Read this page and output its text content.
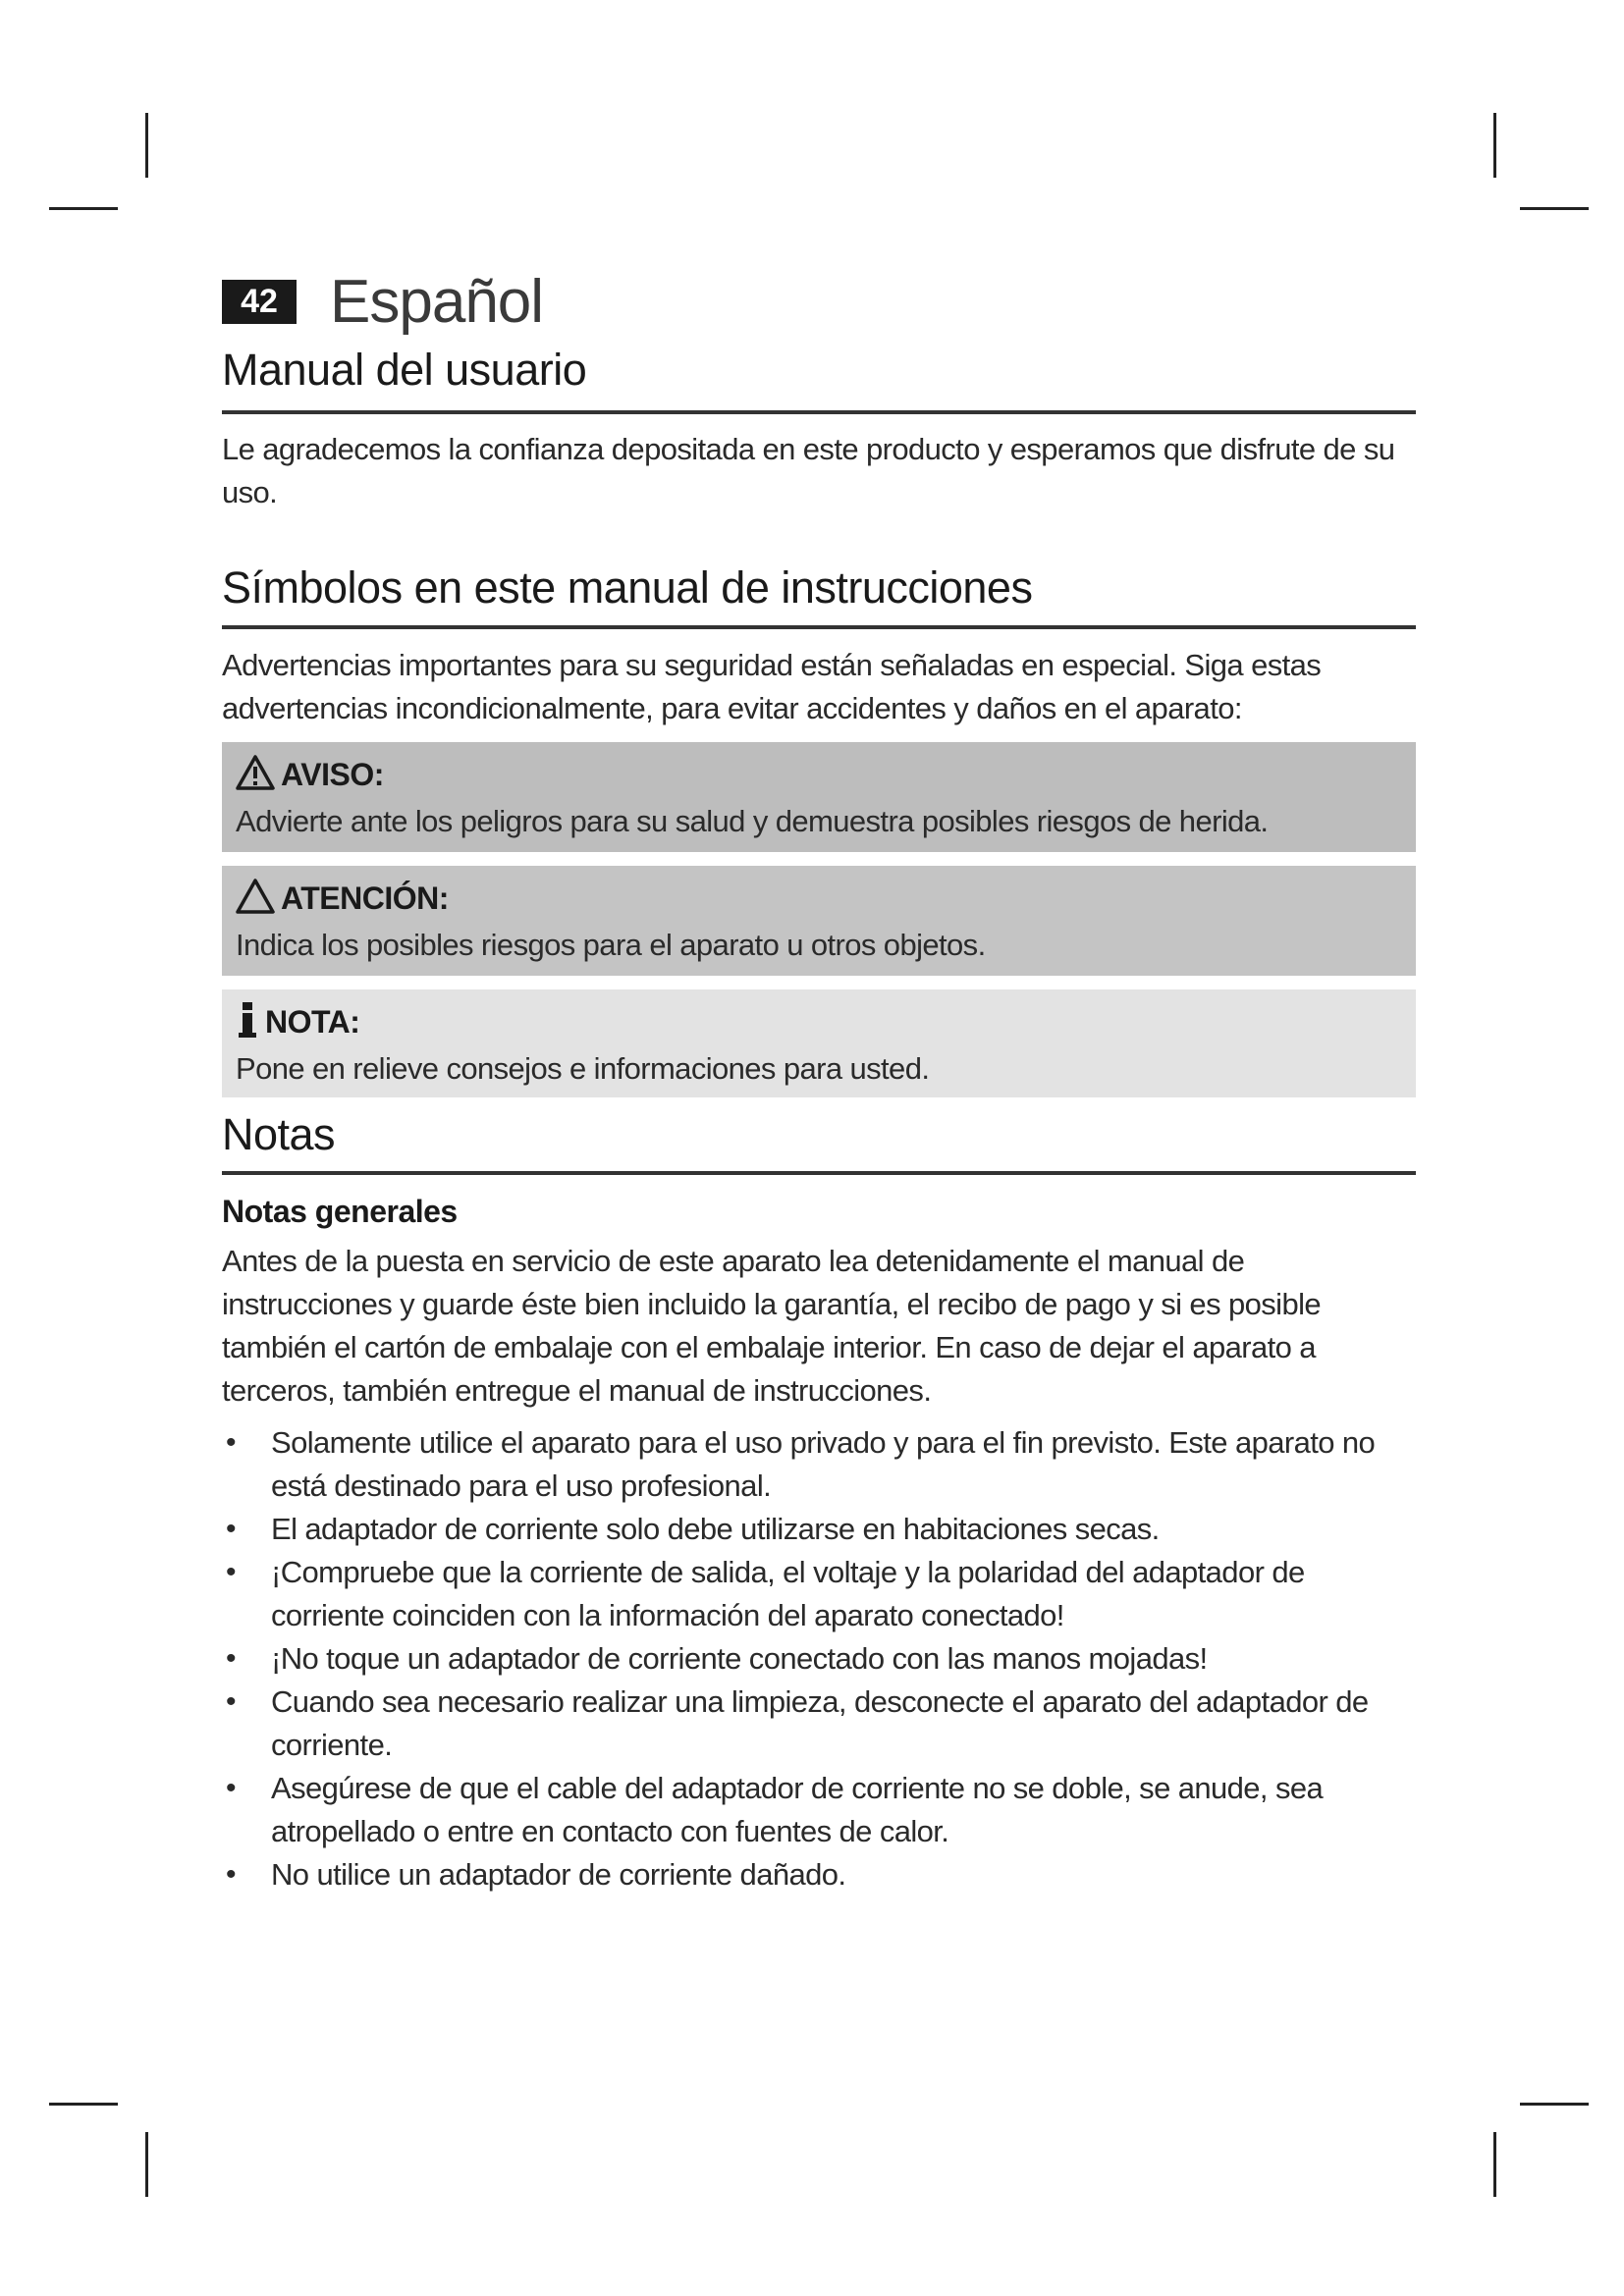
42 Español
Manual del usuario

Le agradecemos la confianza depositada en este producto y esperamos que disfrute de su uso.

Símbolos en este manual de instrucciones

Advertencias importantes para su seguridad están señaladas en especial. Siga estas advertencias incondicionalmente, para evitar accidentes y daños en el aparato:

AVISO:
Advierte ante los peligros para su salud y demuestra posibles riesgos de herida.
ATENCIÓN:
Indica los posibles riesgos para el aparato u otros objetos.
NOTA:
Pone en relieve consejos e informaciones para usted.
Notas
Notas generales

Antes de la puesta en servicio de este aparato lea detenidamente el manual de instrucciones y guarde éste bien incluido la garantía, el recibo de pago y si es posible también el cartón de embalaje con el embalaje interior. En caso de dejar el aparato a terceros, también entregue el manual de instrucciones.

• Solamente utilice el aparato para el uso privado y para el fin previsto. Este aparato no está destinado para el uso profesional.
• El adaptador de corriente solo debe utilizarse en habitaciones secas.
• ¡Compruebe que la corriente de salida, el voltaje y la polaridad del adaptador de corriente coinciden con la información del aparato conectado!
• ¡No toque un adaptador de corriente conectado con las manos mojadas!
• Cuando sea necesario realizar una limpieza, desconecte el aparato del adaptador de corriente.
• Asegúrese de que el cable del adaptador de corriente no se doble, se anude, sea atropellado o entre en contacto con fuentes de calor.
• No utilice un adaptador de corriente dañado.
